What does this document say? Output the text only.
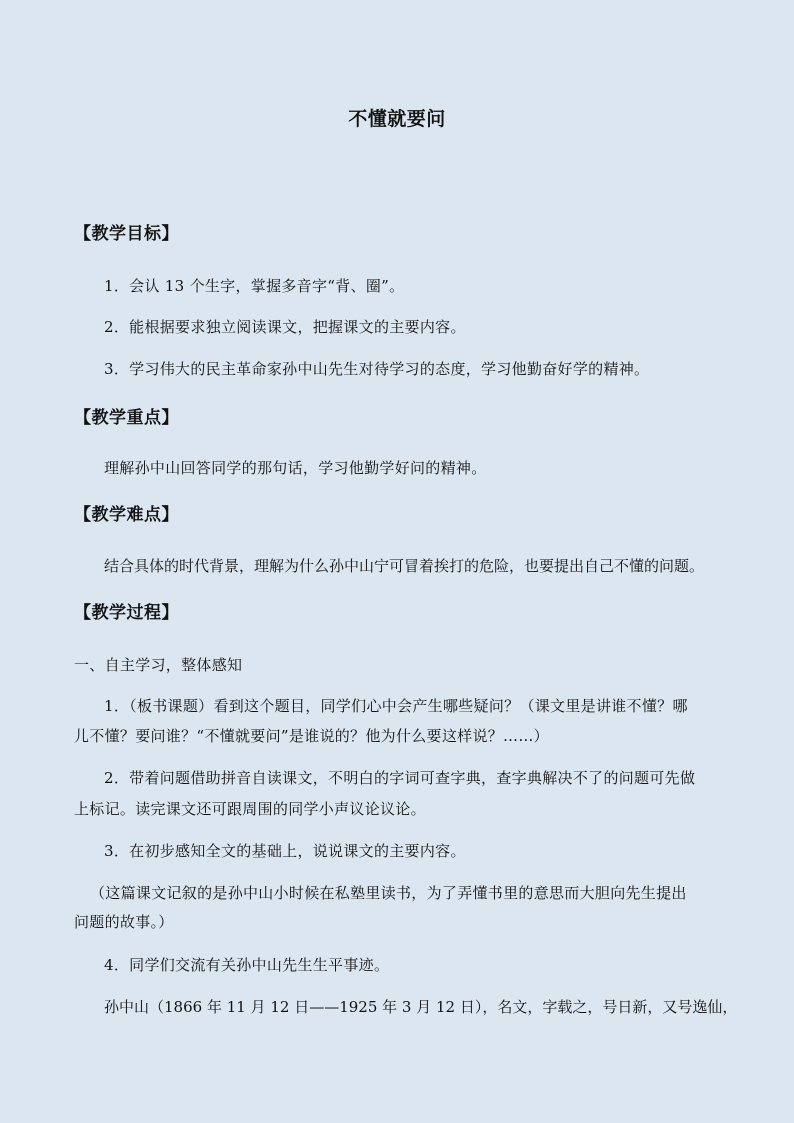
不懂就要问
【教学目标】
1．会认 13 个生字，掌握多音字“背、圈”。
2．能根据要求独立阅读课文，把握课文的主要内容。
3．学习伟大的民主革命家孙中山先生对待学习的态度，学习他勤奋好学的精神。
【教学重点】
理解孙中山回答同学的那句话，学习他勤学好问的精神。
【教学难点】
结合具体的时代背景，理解为什么孙中山宁可冒着挨打的危险，也要提出自己不懂的问题。
【教学过程】
一、自主学习，整体感知
1．（板书课题）看到这个题目，同学们心中会产生哪些疑问？（课文里是讲谁不懂？哪
儿不懂？要问谁？“不懂就要问”是谁说的？他为什么要这样说？……）
2．带着问题借助拼音自读课文，不明白的字词可查字典，查字典解决不了的问题可先做
上标记。读完课文还可跟周围的同学小声议论议论。
3．在初步感知全文的基础上，说说课文的主要内容。
（这篇课文记叙的是孙中山小时候在私塾里读书，为了弄懂书里的意思而大胆向先生提出
问题的故事。）
4．同学们交流有关孙中山先生生平事迹。
孙中山（1866 年 11 月 12 日——1925 年 3 月 12 日），名文，字载之，号日新，又号逸仙，
